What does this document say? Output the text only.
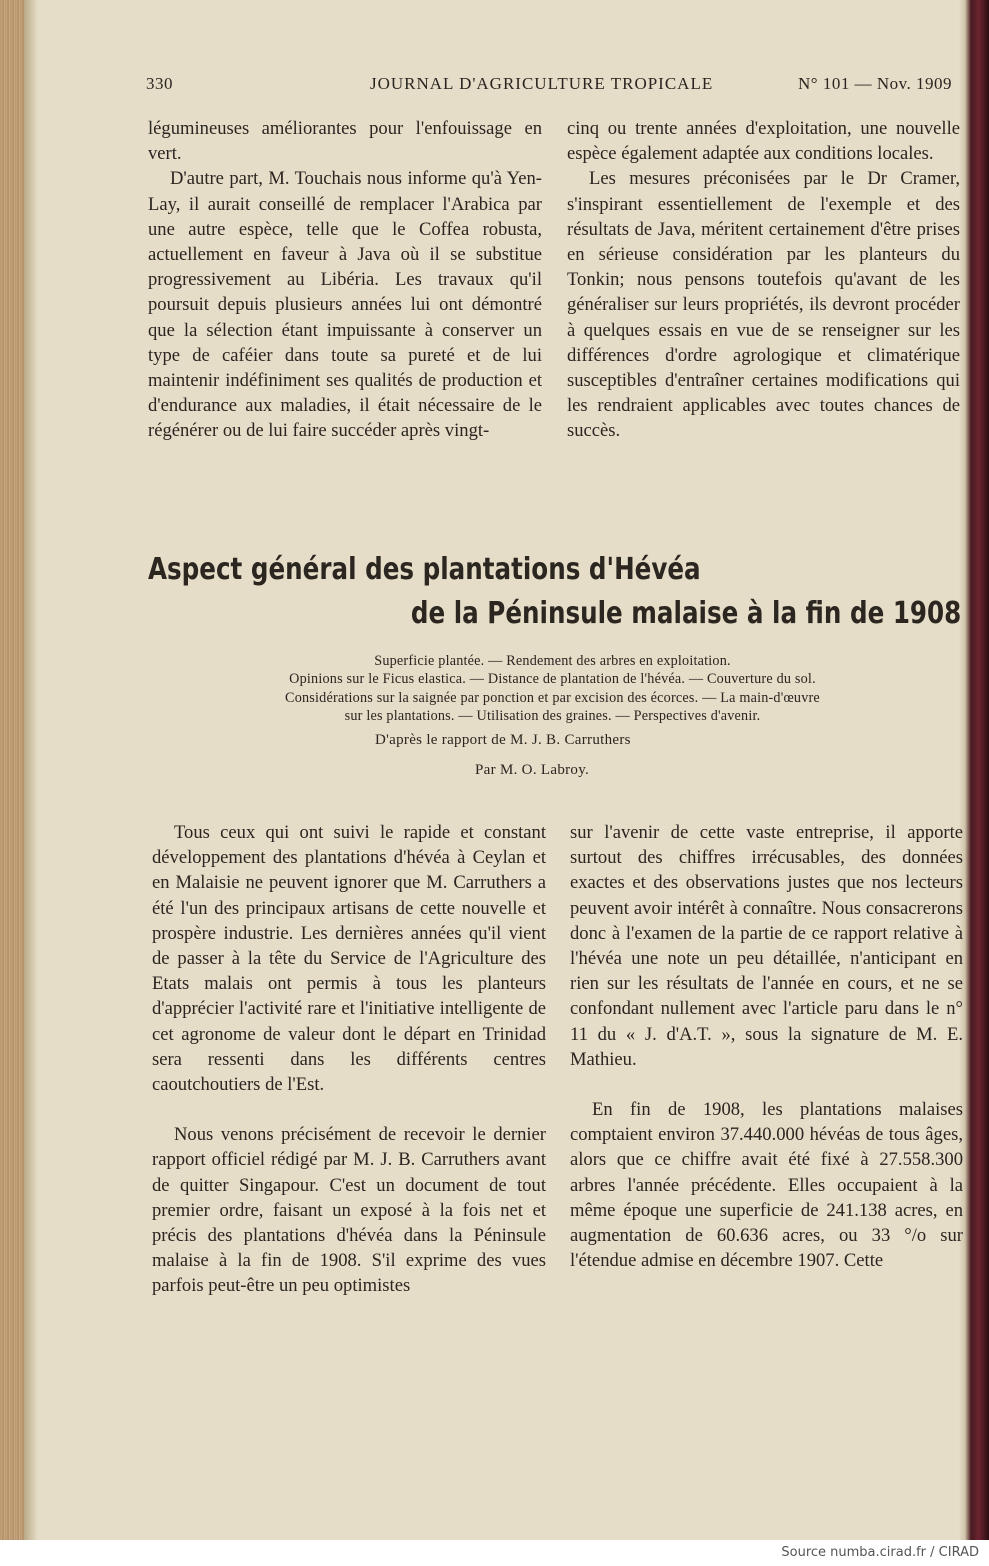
330	JOURNAL D'AGRICULTURE TROPICALE	N° 101 — Nov. 1909

légumineuses améliorantes pour l'enfouissage en vert.

D'autre part, M. Touchais nous informe qu'à Yen-Lay, il aurait conseillé de remplacer l'Arabica par une autre espèce, telle que le Coffea robusta, actuellement en faveur à Java où il se substitue progressivement au Libéria. Les travaux qu'il poursuit depuis plusieurs années lui ont démontré que la sélection étant impuissante à conserver un type de caféier dans toute sa pureté et de lui maintenir indéfiniment ses qualités de production et d'endurance aux maladies, il était nécessaire de le régénérer ou de lui faire succéder après vingt-

cinq ou trente années d'exploitation, une nouvelle espèce également adaptée aux conditions locales.

Les mesures préconisées par le Dr Cramer, s'inspirant essentiellement de l'exemple et des résultats de Java, méritent certainement d'être prises en sérieuse considération par les planteurs du Tonkin; nous pensons toutefois qu'avant de les généraliser sur leurs propriétés, ils devront procéder à quelques essais en vue de se renseigner sur les différences d'ordre agrologique et climatérique susceptibles d'entraîner certaines modifications qui les rendraient applicables avec toutes chances de succès.

Aspect général des plantations d'Hévéa
de la Péninsule malaise à la fin de 1908
Superficie plantée. — Rendement des arbres en exploitation.
Opinions sur le Ficus elastica. — Distance de plantation de l'hévéa. — Couverture du sol.
Considérations sur la saignée par ponction et par excision des écorces. — La main-d'œuvre
sur les plantations. — Utilisation des graines. — Perspectives d'avenir.
D'après le rapport de M. J. B. Carruthers
Par M. O. Labroy.

Tous ceux qui ont suivi le rapide et constant développement des plantations d'hévéa à Ceylan et en Malaisie ne peuvent ignorer que M. Carruthers a été l'un des principaux artisans de cette nouvelle et prospère industrie. Les dernières années qu'il vient de passer à la tête du Service de l'Agriculture des Etats malais ont permis à tous les planteurs d'apprécier l'activité rare et l'initiative intelligente de cet agronome de valeur dont le départ en Trinidad sera ressenti dans les différents centres caoutchoutiers de l'Est.

Nous venons précisément de recevoir le dernier rapport officiel rédigé par M. J. B. Carruthers avant de quitter Singapour. C'est un document de tout premier ordre, faisant un exposé à la fois net et précis des plantations d'hévéa dans la Péninsule malaise à la fin de 1908. S'il exprime des vues parfois peut-être un peu optimistes

sur l'avenir de cette vaste entreprise, il apporte surtout des chiffres irrécusables, des données exactes et des observations justes que nos lecteurs peuvent avoir intérêt à connaître. Nous consacrerons donc à l'examen de la partie de ce rapport relative à l'hévéa une note un peu détaillée, n'anticipant en rien sur les résultats de l'année en cours, et ne se confondant nullement avec l'article paru dans le n° 11 du « J. d'A.T. », sous la signature de M. E. Mathieu.

En fin de 1908, les plantations malaises comptaient environ 37.440.000 hévéas de tous âges, alors que ce chiffre avait été fixé à 27.558.300 arbres l'année précédente. Elles occupaient à la même époque une superficie de 241.138 acres, en augmentation de 60.636 acres, ou 33 °/o sur l'étendue admise en décembre 1907. Cette

Source numba.cirad.fr / CIRAD
